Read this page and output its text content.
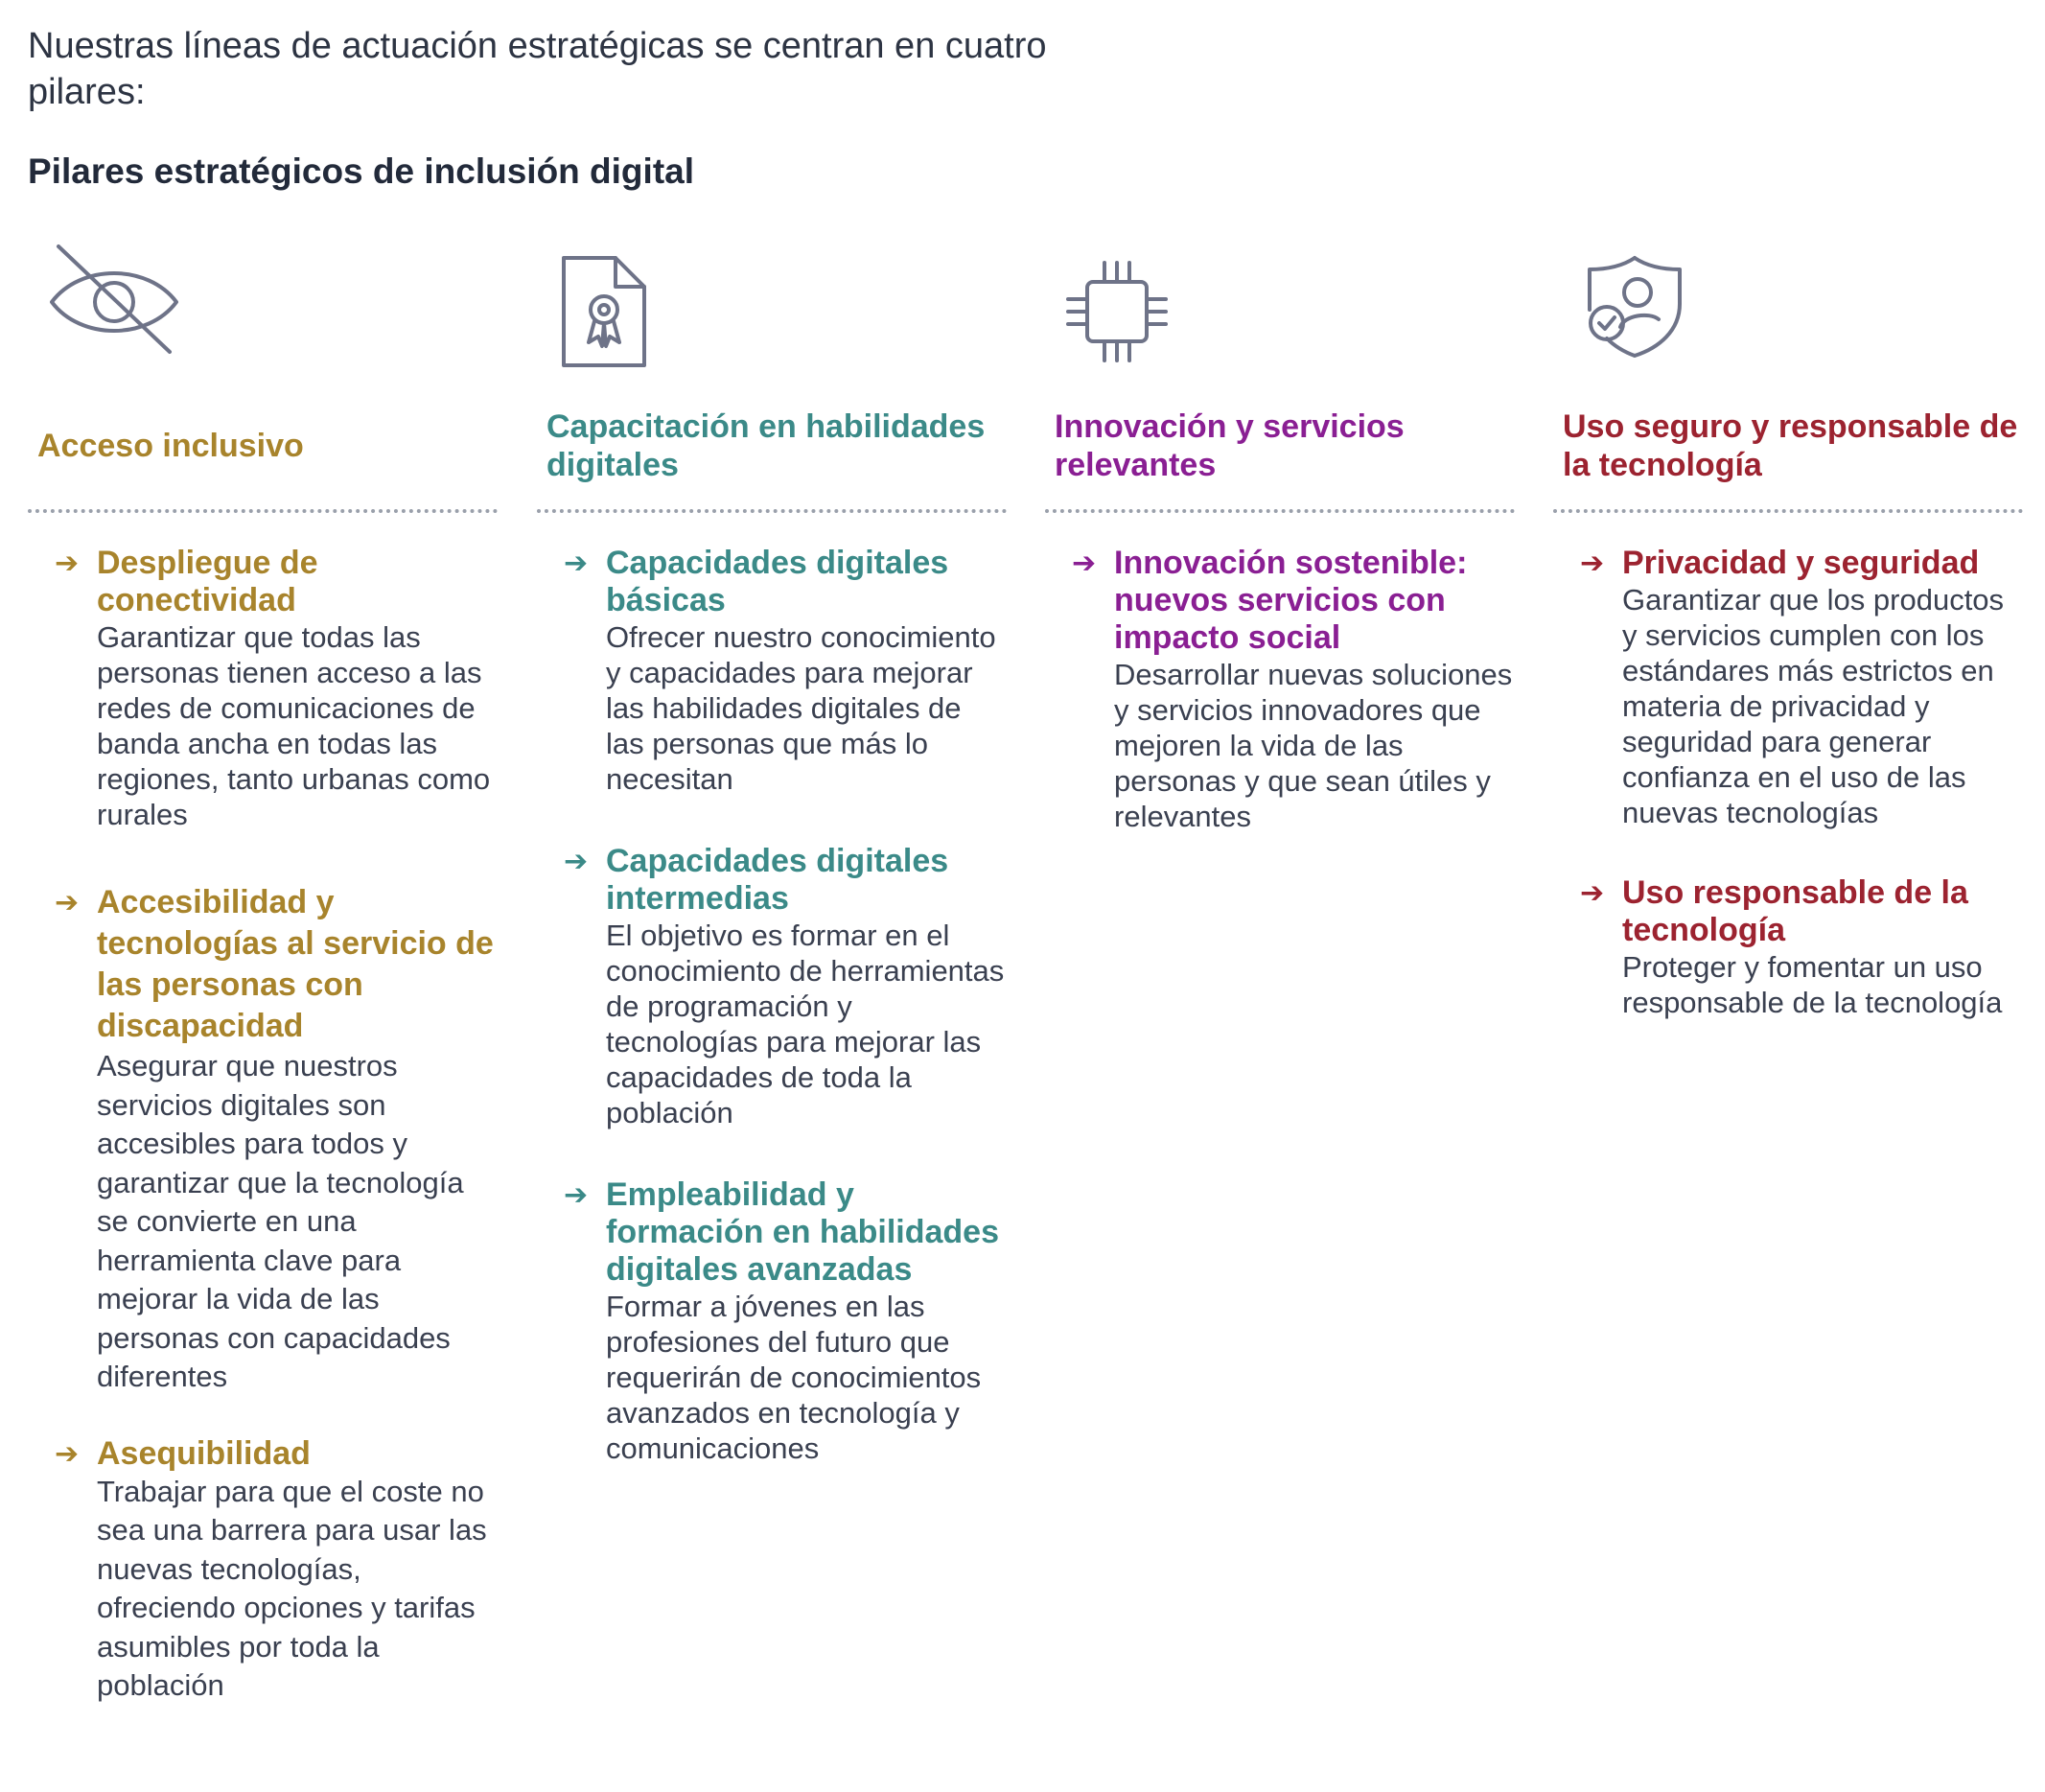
Nuestras líneas de actuación estratégicas se centran en cuatro pilares:
Pilares estratégicos de inclusión digital
Acceso inclusivo
➔ Despliegue de conectividad
Garantizar que todas las personas tienen acceso a las redes de comunicaciones de banda ancha en todas las regiones, tanto urbanas como rurales
➔ Accesibilidad y tecnologías al servicio de las personas con discapacidad
Asegurar que nuestros servicios digitales son accesibles para todos y garantizar que la tecnología se convierte en una herramienta clave para mejorar la vida de las personas con capacidades diferentes
➔ Asequibilidad
Trabajar para que el coste no sea una barrera para usar las nuevas tecnologías, ofreciendo opciones y tarifas asumibles por toda la población
Capacitación en habilidades digitales
➔ Capacidades digitales básicas
Ofrecer nuestro conocimiento y capacidades para mejorar las habilidades digitales de las personas que más lo necesitan
➔ Capacidades digitales intermedias
El objetivo es formar en el conocimiento de herramientas de programación y tecnologías para mejorar las capacidades de toda la población
➔ Empleabilidad y formación en habilidades digitales avanzadas
Formar a jóvenes en las profesiones del futuro que requerirán de conocimientos avanzados en tecnología y comunicaciones
Innovación y servicios relevantes
➔ Innovación sostenible: nuevos servicios con impacto social
Desarrollar nuevas soluciones y servicios innovadores que mejoren la vida de las personas y que sean útiles y relevantes
Uso seguro y responsable de la tecnología
➔ Privacidad y seguridad
Garantizar que los productos y servicios cumplen con los estándares más estrictos en materia de privacidad y seguridad para generar confianza en el uso de las nuevas tecnologías
➔ Uso responsable de la tecnología
Proteger y fomentar un uso responsable de la tecnología
